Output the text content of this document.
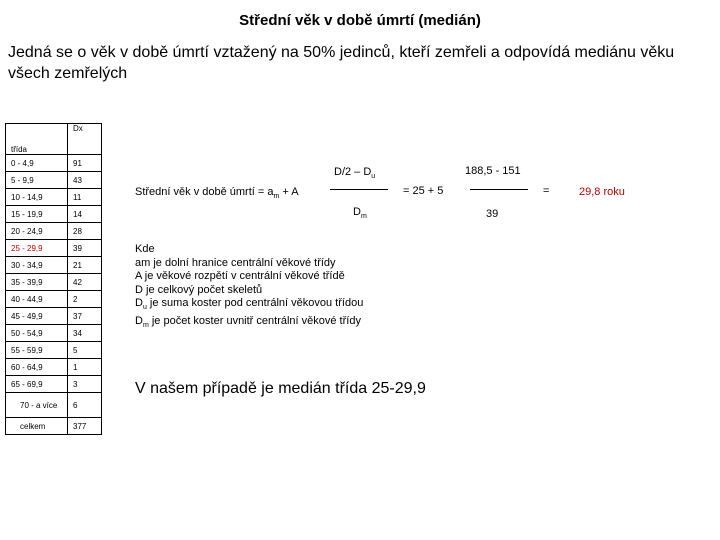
Střední věk v době úmrtí (medián)
Jedná se o věk v době úmrtí vztažený na 50% jedinců, kteří zemřeli a odpovídá mediánu věku všech zemřelých
třída	Dx
0 - 4,9	91
5 - 9,9	43
10 - 14,9	11
15 - 19,9	14
20 - 24,9	28
25 - 29,9	39
30 - 34,9	21
35 - 39,9	42
40 - 44,9	2
45 - 49,9	37
50 - 54,9	34
55 - 59,9	5
60 - 64,9	1
65 - 69,9	3
70 - a více	6
celkem	377
$D/2 - D_u$
Střední věk v době úmrtí = $a_m + A$
$D_m$
= 25 + 5
188,5 - 151
39
=	29,8 roku
Kde
am je dolní hranice centrální věkové třídy
A je věkové rozpětí v centrální věkové třídě
D je celkový počet skeletů
$D_u$ je suma koster pod centrální věkovou třídou
$D_m$ je počet koster uvnitř centrální věkové třídy
V našem případě je medián třída 25-29,9
